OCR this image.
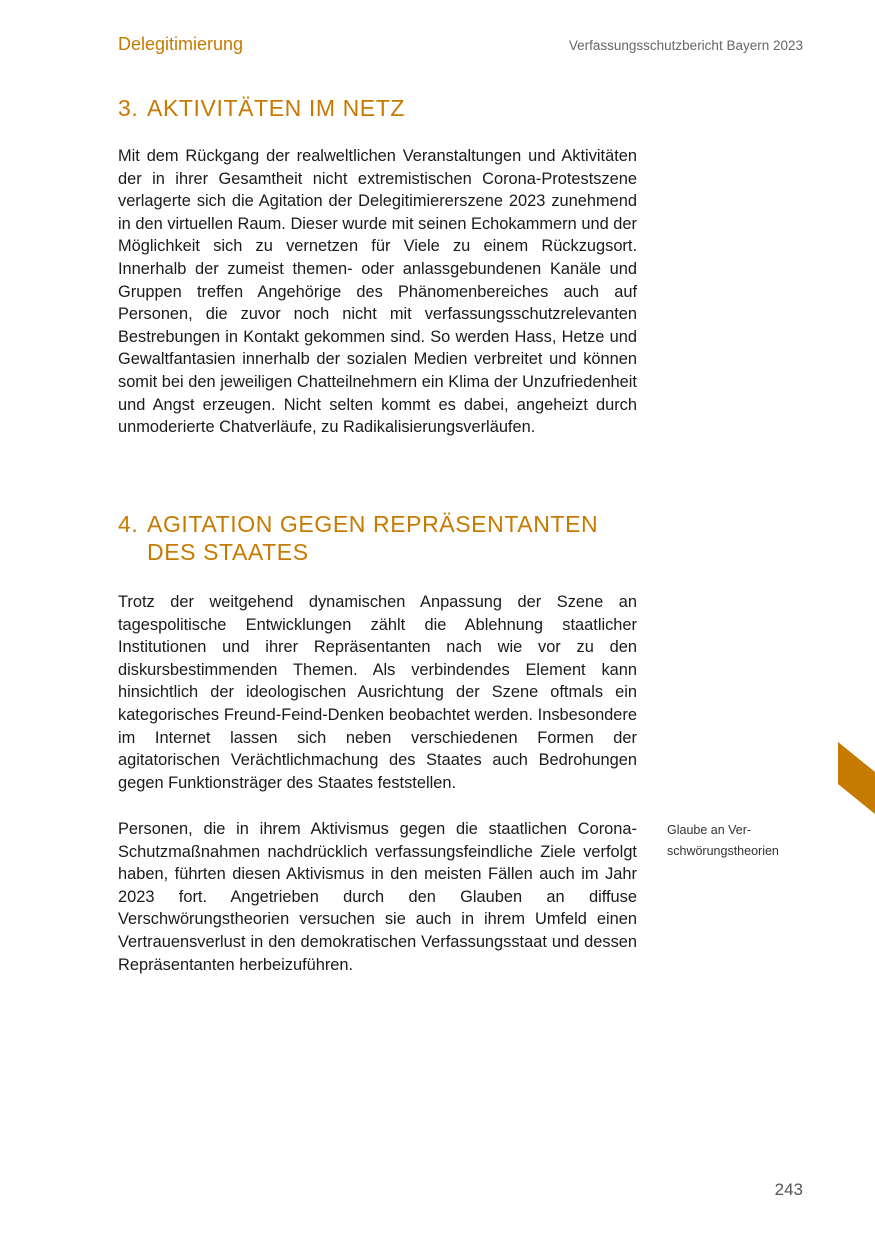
Delegitimierung	Verfassungsschutzbericht Bayern 2023
3. AKTIVITÄTEN IM NETZ

Mit dem Rückgang der realweltlichen Veranstaltungen und Aktivitäten der in ihrer Gesamtheit nicht extremistischen Corona-Protestszene verlagerte sich die Agitation der Delegitimiererszene 2023 zunehmend in den virtuellen Raum. Dieser wurde mit seinen Echokammern und der Möglichkeit sich zu vernetzen für Viele zu einem Rückzugsort. Innerhalb der zumeist themen- oder anlassgebundenen Kanäle und Gruppen treffen Angehörige des Phänomenbereiches auch auf Personen, die zuvor noch nicht mit verfassungsschutzrelevanten Bestrebungen in Kontakt gekommen sind. So werden Hass, Hetze und Gewaltfantasien innerhalb der sozialen Medien verbreitet und können somit bei den jeweiligen Chatteilnehmern ein Klima der Unzufriedenheit und Angst erzeugen. Nicht selten kommt es dabei, angeheizt durch unmoderierte Chatverläufe, zu Radikalisierungsverläufen.

4. AGITATION GEGEN REPRÄSENTANTEN
DES STAATES

Trotz der weitgehend dynamischen Anpassung der Szene an tagespolitische Entwicklungen zählt die Ablehnung staatlicher Institutionen und ihrer Repräsentanten nach wie vor zu den diskursbestimmenden Themen. Als verbindendes Element kann hinsichtlich der ideologischen Ausrichtung der Szene oftmals ein kategorisches Freund-Feind-Denken beobachtet werden. Insbesondere im Internet lassen sich neben verschiedenen Formen der agitatorischen Verächtlichmachung des Staates auch Bedrohungen gegen Funktionsträger des Staates feststellen.

Personen, die in ihrem Aktivismus gegen die staatlichen Corona-Schutzmaßnahmen nachdrücklich verfassungsfeindliche Ziele verfolgt haben, führten diesen Aktivismus in den meisten Fällen auch im Jahr 2023 fort. Angetrieben durch den Glauben an diffuse Verschwörungstheorien versuchen sie auch in ihrem Umfeld einen Vertrauensverlust in den demokratischen Verfassungsstaat und dessen Repräsentanten herbeizuführen.

Glaube an Verschwörungstheorien
243
